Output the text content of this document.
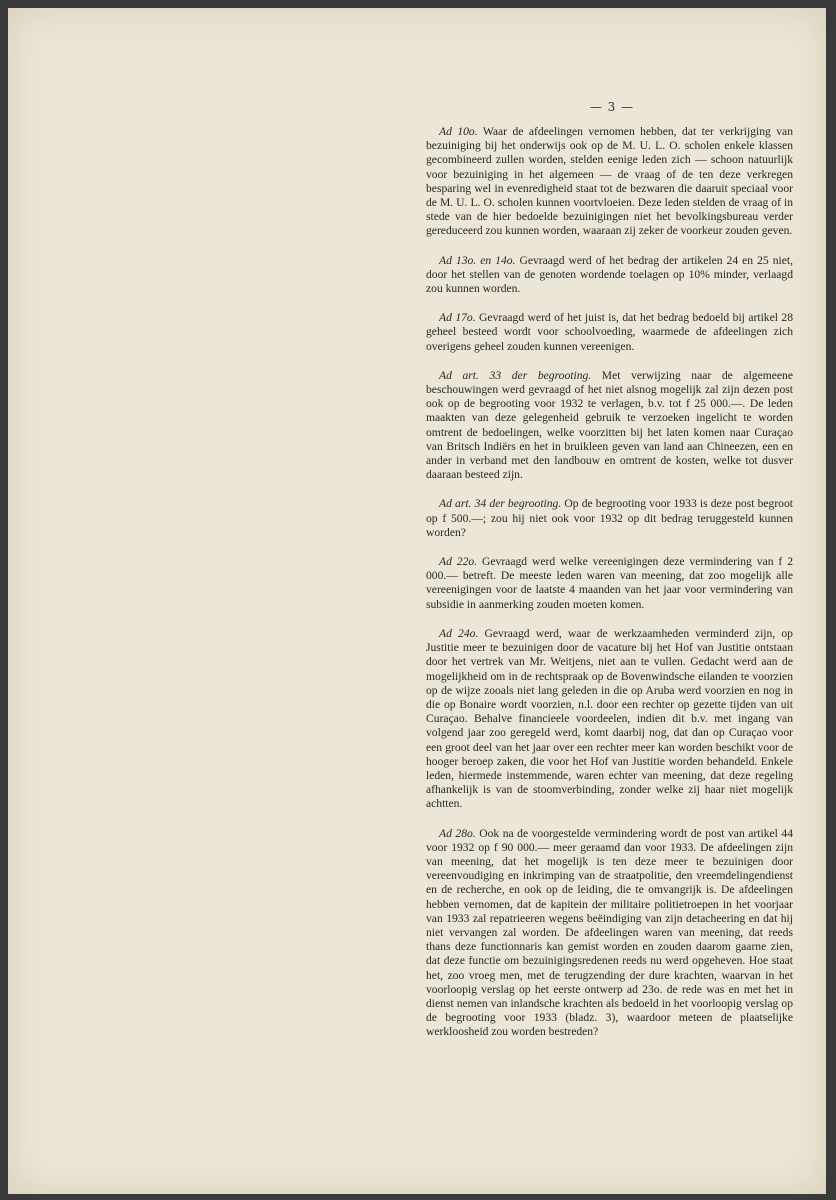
— 3 —

Ad 10o. Waar de afdeelingen vernomen hebben, dat ter verkrijging van bezuiniging bij het onderwijs ook op de M. U. L. O. scholen enkele klassen gecombineerd zullen worden, stelden eenige leden zich — schoon natuurlijk voor bezuiniging in het algemeen — de vraag of de ten deze verkregen besparing wel in evenredigheid staat tot de bezwaren die daaruit speciaal voor de M. U. L. O. scholen kunnen voortvloeien. Deze leden stelden de vraag of in stede van de hier bedoelde bezuinigingen niet het bevolkingsbureau verder gereduceerd zou kunnen worden, waaraan zij zeker de voorkeur zouden geven.

Ad 13o. en 14o. Gevraagd werd of het bedrag der artikelen 24 en 25 niet, door het stellen van de genoten wordende toelagen op 10% minder, verlaagd zou kunnen worden.

Ad 17o. Gevraagd werd of het juist is, dat het bedrag bedoeld bij artikel 28 geheel besteed wordt voor schoolvoeding, waarmede de afdeelingen zich overigens geheel zouden kunnen vereenigen.

Ad art. 33 der begrooting. Met verwijzing naar de algemeene beschouwingen werd gevraagd of het niet alsnog mogelijk zal zijn dezen post ook op de begrooting voor 1932 te verlagen, b.v. tot f 25 000.—. De leden maakten van deze gelegenheid gebruik te verzoeken ingelicht te worden omtrent de bedoelingen, welke voorzitten bij het laten komen naar Curaçao van Britsch Indiërs en het in bruikleen geven van land aan Chineezen, een en ander in verband met den landbouw en omtrent de kosten, welke tot dusver daaraan besteed zijn.

Ad art. 34 der begrooting. Op de begrooting voor 1933 is deze post begroot op f 500.—; zou hij niet ook voor 1932 op dit bedrag teruggesteld kunnen worden?

Ad 22o. Gevraagd werd welke vereenigingen deze vermindering van f 2 000.— betreft. De meeste leden waren van meening, dat zoo mogelijk alle vereenigingen voor de laatste 4 maanden van het jaar voor vermindering van subsidie in aanmerking zouden moeten komen.

Ad 24o. Gevraagd werd, waar de werkzaamheden verminderd zijn, op Justitie meer te bezuinigen door de vacature bij het Hof van Justitie ontstaan door het vertrek van Mr. Weitjens, niet aan te vullen. Gedacht werd aan de mogelijkheid om in de rechtspraak op de Bovenwindsche eilanden te voorzien op de wijze zooals niet lang geleden in die op Aruba werd voorzien en nog in die op Bonaire wordt voorzien, n.l. door een rechter op gezette tijden van uit Curaçao. Behalve financieele voordeelen, indien dit b.v. met ingang van volgend jaar zoo geregeld werd, komt daarbij nog, dat dan op Curaçao voor een groot deel van het jaar over een rechter meer kan worden beschikt voor de hooger beroep zaken, die voor het Hof van Justitie worden behandeld. Enkele leden, hiermede instemmende, waren echter van meening, dat deze regeling afhankelijk is van de stoomverbinding, zonder welke zij haar niet mogelijk achtten.

Ad 28o. Ook na de voorgestelde vermindering wordt de post van artikel 44 voor 1932 op f 90 000.— meer geraamd dan voor 1933. De afdeelingen zijn van meening, dat het mogelijk is ten deze meer te bezuinigen door vereenvoudiging en inkrimping van de straatpolitie, den vreemdelingendienst en de recherche, en ook op de leiding, die te omvangrijk is. De afdeelingen hebben vernomen, dat de kapitein der militaire politietroepen in het voorjaar van 1933 zal repatrieeren wegens beëindiging van zijn detacheering en dat hij niet vervangen zal worden. De afdeelingen waren van meening, dat reeds thans deze functionnaris kan gemist worden en zouden daarom gaarne zien, dat deze functie om bezuinigingsredenen reeds nu werd opgeheven. Hoe staat het, zoo vroeg men, met de terugzending der dure krachten, waarvan in het voorloopig verslag op het eerste ontwerp ad 23o. de rede was en met het in dienst nemen van inlandsche krachten als bedoeld in het voorloopig verslag op de begrooting voor 1933 (bladz. 3), waardoor meteen de plaatselijke werkloosheid zou worden bestreden?
